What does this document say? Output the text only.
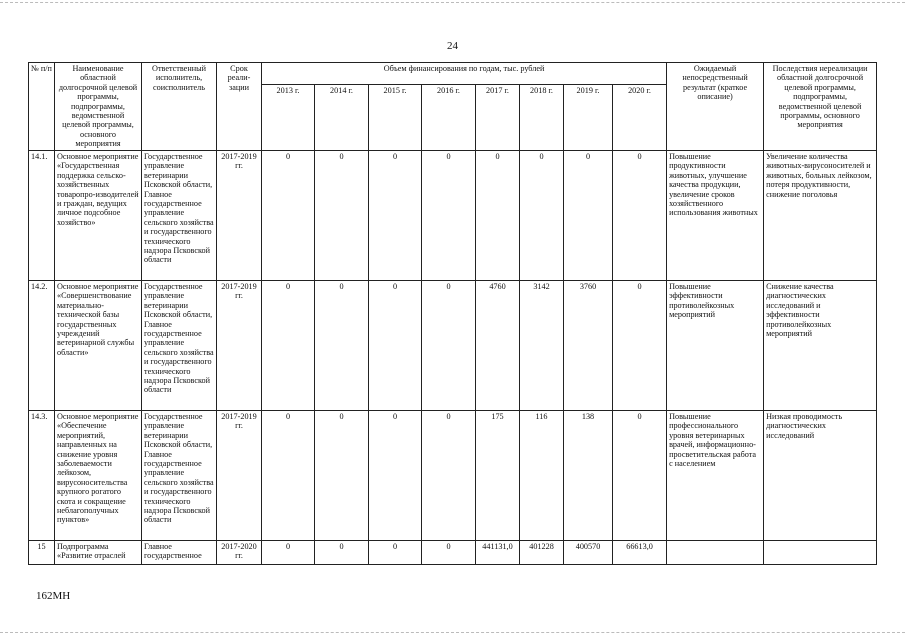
24
№ п/п	Наименование областной долгосрочной целевой программы, подпрограммы, ведомственной целевой программы, основного мероприятия	Ответственный исполнитель, соисполнитель	Срок реали-зации	Объем финансирования по годам, тыс. рублей								Ожидаемый непосредственный результат (краткое описание)	Последствия нереализации областной долгосрочной целевой программы, подпрограммы, ведомственной целевой программы, основного мероприятия
				2013 г.	2014 г.	2015 г.	2016 г.	2017 г.	2018 г.	2019 г.	2020 г.		
14.1.	Основное мероприятие «Государственная поддержка сельско-хозяйственных товаропро-изводителей и граждан, ведущих личное подсобное хозяйство»	Государственное управление ветеринарии Псковской области, Главное государственное управление сельского хозяйства и государственного технического надзора Псковской области	2017-2019 гг.	0	0	0	0	0	0	0	0	Повышение продуктивности животных, улучшение качества продукции, увеличение сроков хозяйственного использования животных	Увеличение количества животных-вирусоносителей и животных, больных лейкозом, потеря продуктивности, снижение поголовья
14.2.	Основное мероприятие «Совершенствование материально-технической базы государственных учреждений ветеринарной службы области»	Государственное управление ветеринарии Псковской области, Главное государственное управление сельского хозяйства и государственного технического надзора Псковской области	2017-2019 гг.	0	0	0	0	4760	3142	3760	0	Повышение эффективности противолейкозных мероприятий	Снижение качества диагностических исследований и эффективности противолейкозных мероприятий
14.3.	Основное мероприятие «Обеспечение мероприятий, направленных на снижение уровня заболеваемости лейкозом, вирусоносительства крупного рогатого скота и сокращение неблагополучных пунктов»	Государственное управление ветеринарии Псковской области, Главное государственное управление сельского хозяйства и государственного технического надзора Псковской области	2017-2019 гг.	0	0	0	0	175	116	138	0	Повышение профессионального уровня ветеринарных врачей, информационно-просветительская работа с населением	Низкая проводимость диагностических исследований
15	Подпрограмма «Развитие отраслей	Главное государственное	2017-2020 гг.	0	0	0	0	441131,0	401228	400570	66613,0		
162МН
